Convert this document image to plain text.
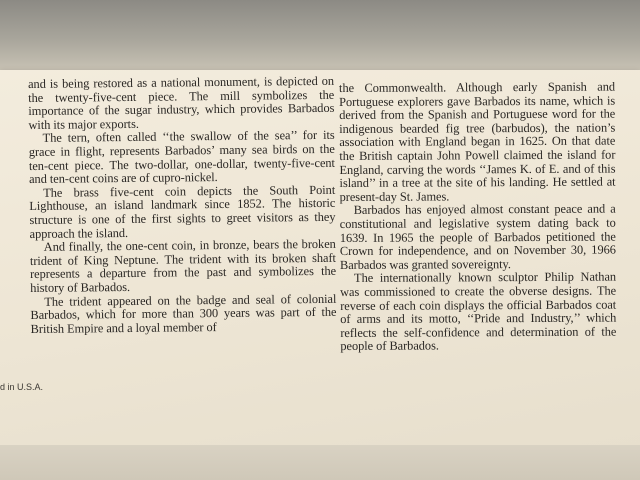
and is being restored as a national monument, is depicted on the twenty-five-cent piece. The mill symbolizes the importance of the sugar industry, which provides Barbados with its major exports.

The tern, often called ‘‘the swallow of the sea’’ for its grace in flight, represents Barbados’ many sea birds on the ten-cent piece. The two-dollar, one-dollar, twenty-five-cent and ten-cent coins are of cupro-nickel.

The brass five-cent coin depicts the South Point Lighthouse, an island landmark since 1852. The historic structure is one of the first sights to greet visitors as they approach the island.

And finally, the one-cent coin, in bronze, bears the broken trident of King Neptune. The trident with its broken shaft represents a departure from the past and symbolizes the history of Barbados.

The trident appeared on the badge and seal of colonial Barbados, which for more than 300 years was part of the British Empire and a loyal member of

the Commonwealth. Although early Spanish and Portuguese explorers gave Barbados its name, which is derived from the Spanish and Portuguese word for the indigenous bearded fig tree (barbudos), the nation’s association with England began in 1625. On that date the British captain John Powell claimed the island for England, carving the words ‘‘James K. of E. and of this island’’ in a tree at the site of his landing. He settled at present-day St. James.

Barbados has enjoyed almost constant peace and a constitutional and legislative system dating back to 1639. In 1965 the people of Barbados petitioned the Crown for independence, and on November 30, 1966 Barbados was granted sovereignty.

The internationally known sculptor Philip Nathan was commissioned to create the obverse designs. The reverse of each coin displays the official Barbados coat of arms and its motto, ‘‘Pride and Industry,’’ which reflects the self-confidence and determination of the people of Barbados.

d in U.S.A.
